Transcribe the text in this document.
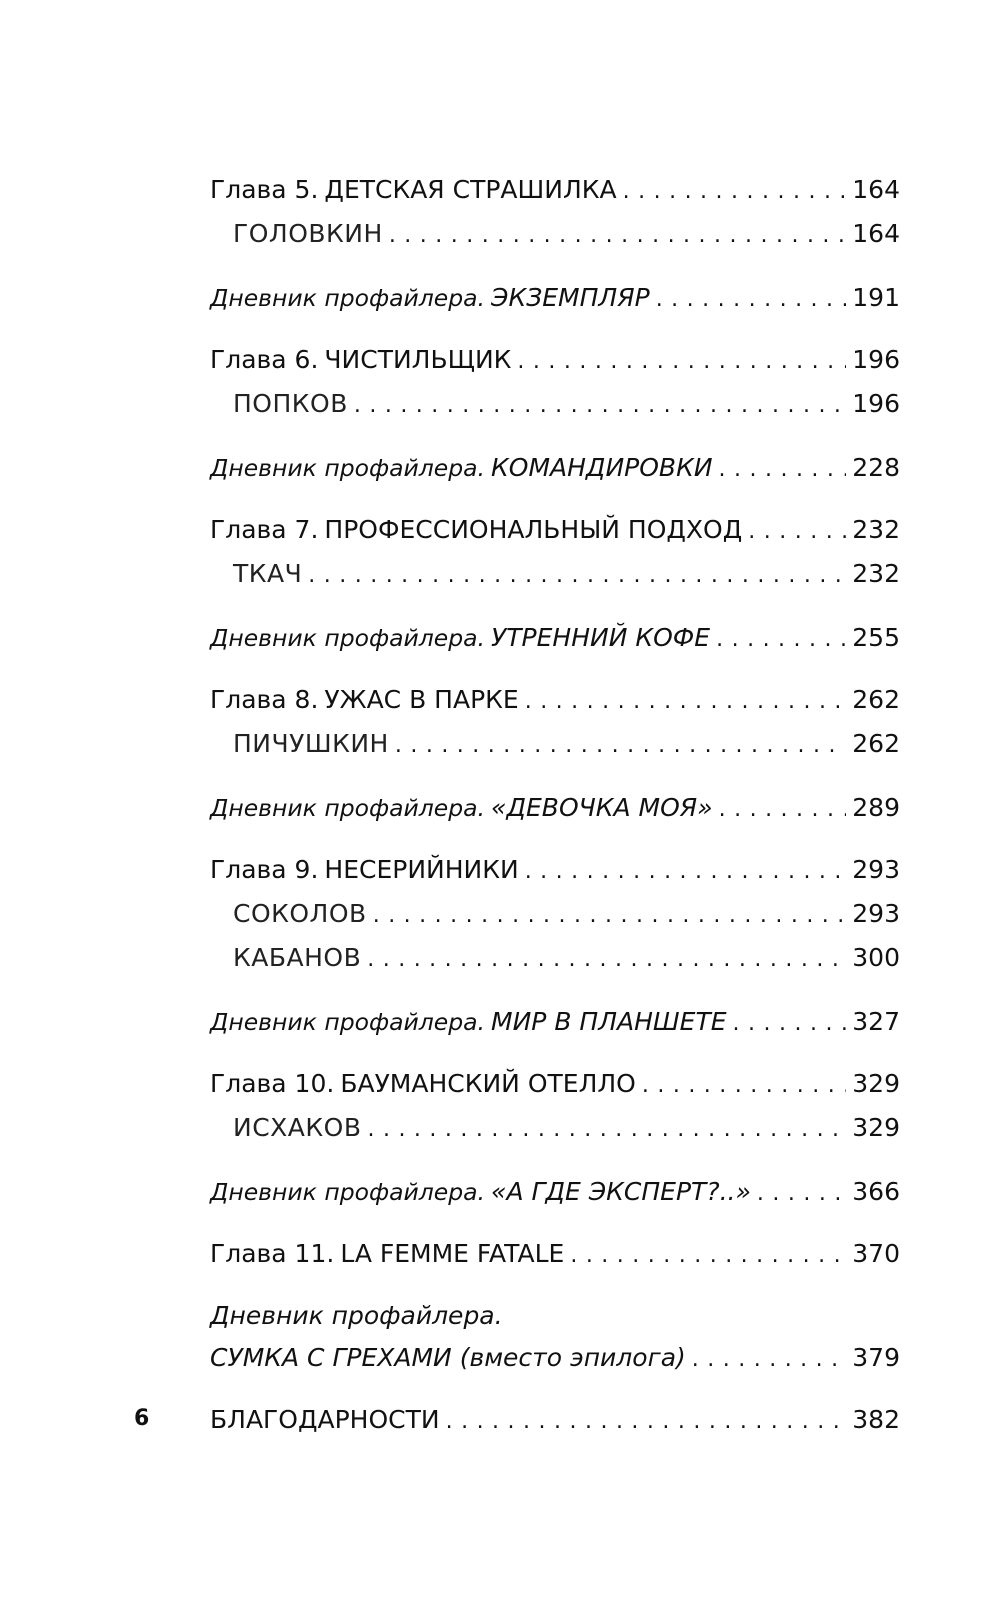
Глава 5. ДЕТСКАЯ СТРАШИЛКА . . .	164
ГОЛОВКИН . . .	164
Дневник профайлера. ЭКЗЕМПЛЯР . . .	191
Глава 6. ЧИСТИЛЬЩИК . . .	196
ПОПКОВ . . .	196
Дневник профайлера. КОМАНДИРОВКИ . . .	228
Глава 7. ПРОФЕССИОНАЛЬНЫЙ ПОДХОД . . .	232
ТКАЧ . . .	232
Дневник профайлера. УТРЕННИЙ КОФЕ . . .	255
Глава 8. УЖАС В ПАРКЕ . . .	262
ПИЧУШКИН . . .	262
Дневник профайлера. «ДЕВОЧКА МОЯ» . . .	289
Глава 9. НЕСЕРИЙНИКИ . . .	293
СОКОЛОВ . . .	293
КАБАНОВ . . .	300
Дневник профайлера. МИР В ПЛАНШЕТЕ . . .	327
Глава 10. БАУМАНСКИЙ ОТЕЛЛО . . .	329
ИСХАКОВ . . .	329
Дневник профайлера. «А ГДЕ ЭКСПЕРТ?..» . . .	366
Глава 11. LA FEMME FATALE . . .	370
Дневник профайлера.
СУМКА С ГРЕХАМИ (вместо эпилога) . . .	379
БЛАГОДАРНОСТИ . . .	382
6
